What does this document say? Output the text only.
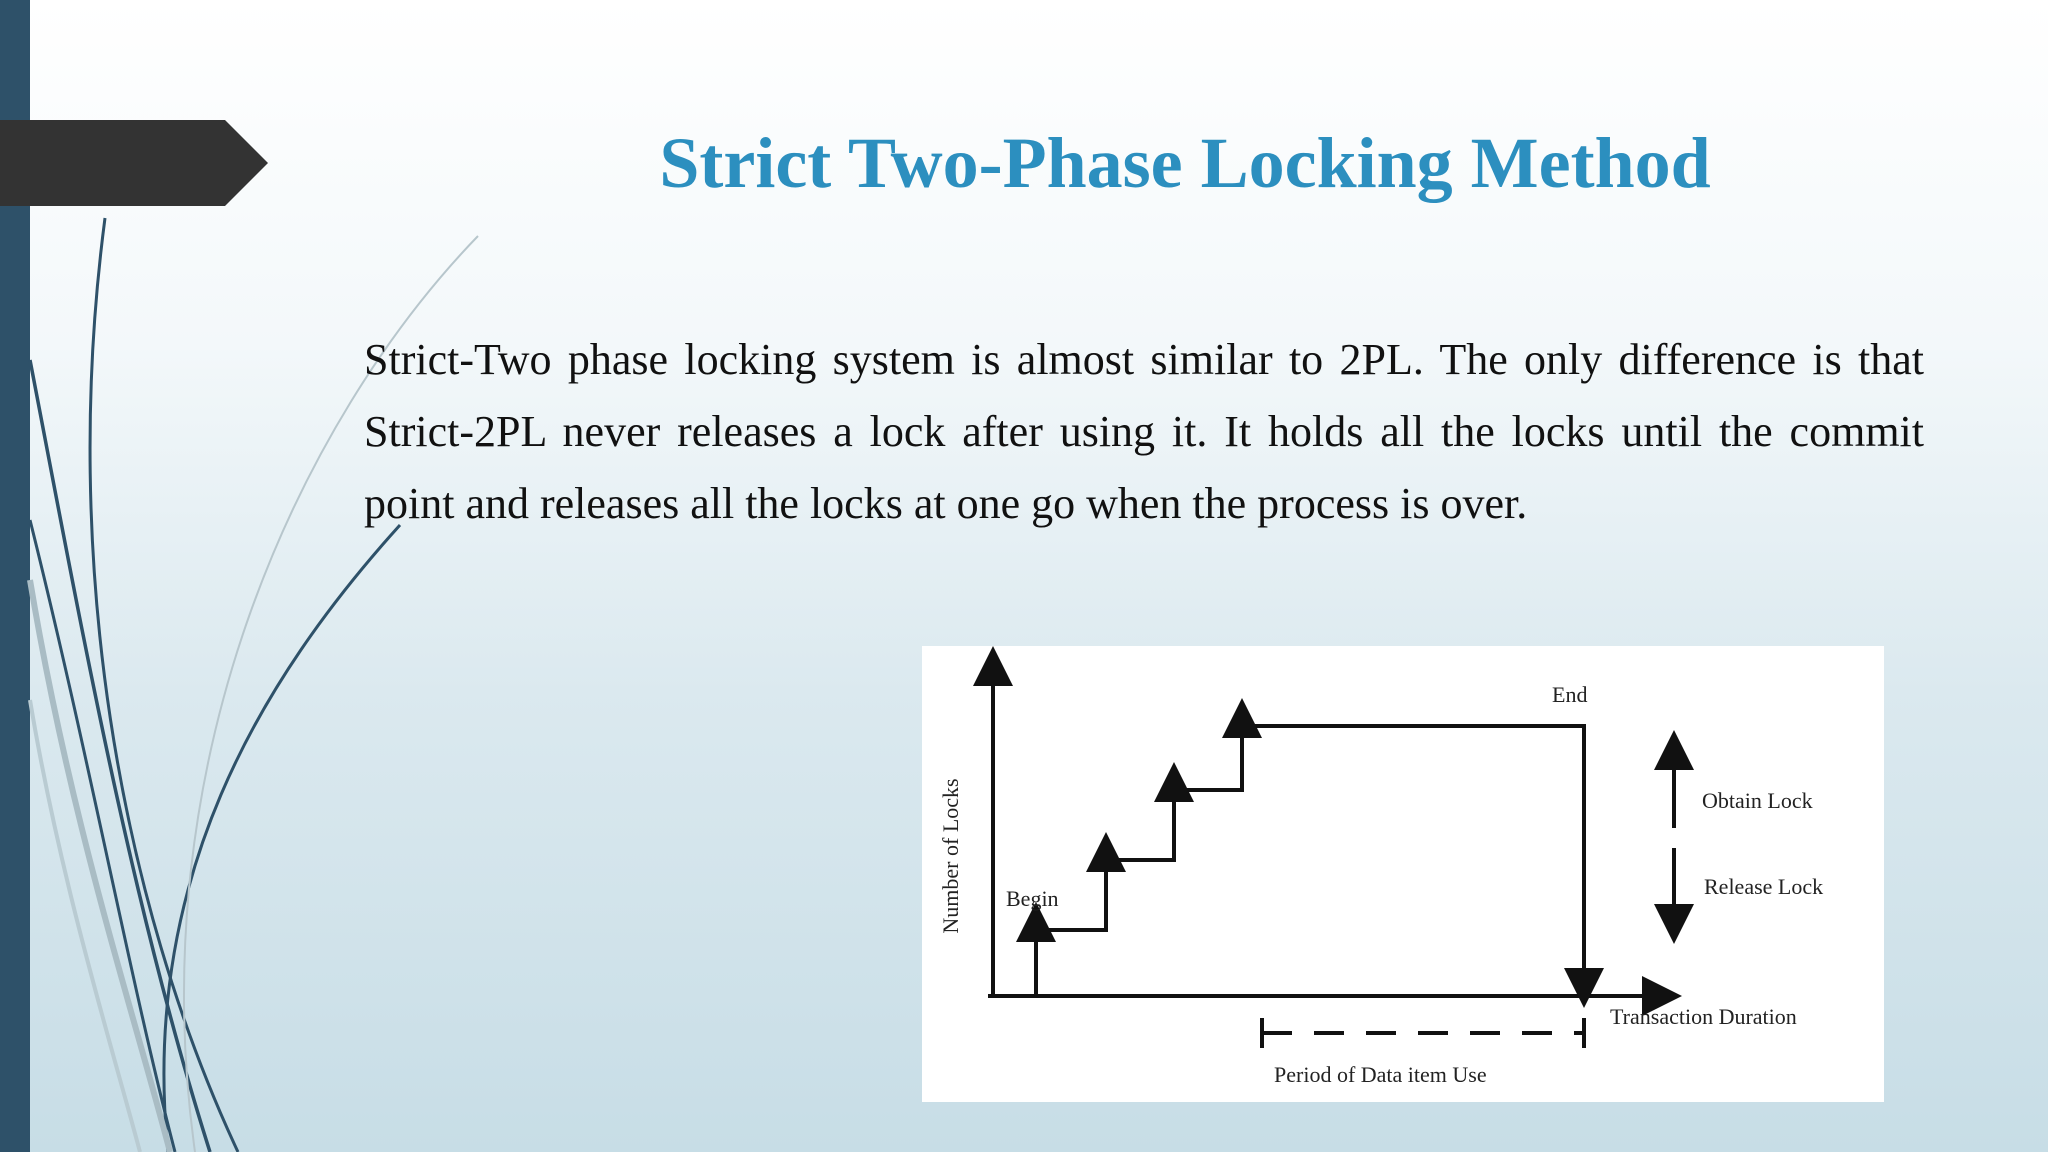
Strict Two-Phase Locking Method

Strict-Two phase locking system is almost similar to 2PL. The only difference is that Strict-2PL never releases a lock after using it. It holds all the locks until the commit point and releases all the locks at one go when the process is over.

Number of Locks Begin
End
Obtain Lock
Release Lock
Transaction Duration
Period of Data item Use
